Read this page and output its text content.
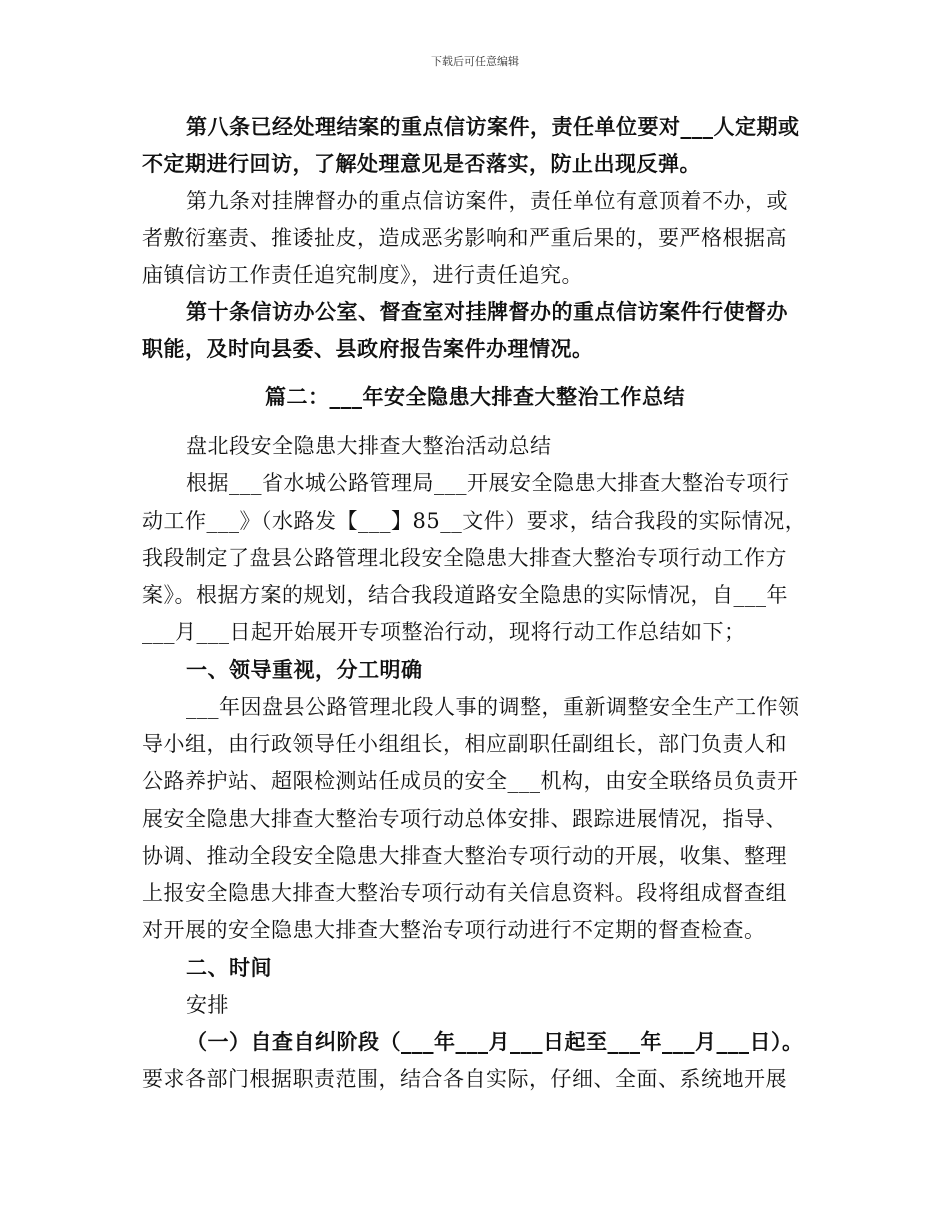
下载后可任意编辑
第八条已经处理结案的重点信访案件，责任单位要对___人定期或
不定期进行回访，了解处理意见是否落实，防止出现反弹。
第九条对挂牌督办的重点信访案件，责任单位有意顶着不办，或
者敷衍塞责、推诿扯皮，造成恶劣影响和严重后果的，要严格根据高
庙镇信访工作责任追究制度》，进行责任追究。
第十条信访办公室、督查室对挂牌督办的重点信访案件行使督办
职能，及时向县委、县政府报告案件办理情况。
篇二：___年安全隐患大排查大整治工作总结
盘北段安全隐患大排查大整治活动总结
根据___省水城公路管理局___开展安全隐患大排查大整治专项行
动工作___》（水路发【___】85__文件）要求，结合我段的实际情况，
我段制定了盘县公路管理北段安全隐患大排查大整治专项行动工作方
案》。根据方案的规划，结合我段道路安全隐患的实际情况，自___年
___月___日起开始展开专项整治行动，现将行动工作总结如下；
一、领导重视，分工明确
___年因盘县公路管理北段人事的调整，重新调整安全生产工作领
导小组，由行政领导任小组组长，相应副职任副组长，部门负责人和
公路养护站、超限检测站任成员的安全___机构，由安全联络员负责开
展安全隐患大排查大整治专项行动总体安排、跟踪进展情况，指导、
协调、推动全段安全隐患大排查大整治专项行动的开展，收集、整理
上报安全隐患大排查大整治专项行动有关信息资料。段将组成督查组
对开展的安全隐患大排查大整治专项行动进行不定期的督查检查。
二、时间
安排
（一）自查自纠阶段（___年___月___日起至___年___月___日）。
要求各部门根据职责范围，结合各自实际，仔细、全面、系统地开展
